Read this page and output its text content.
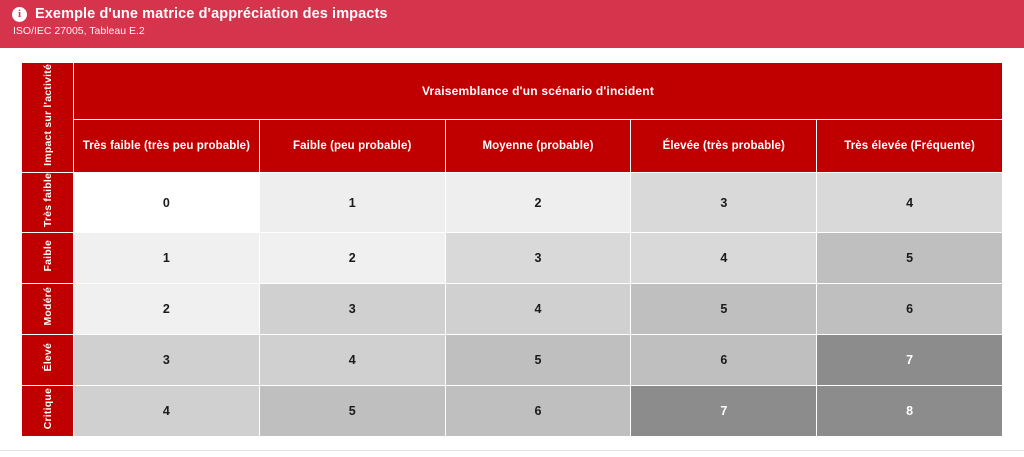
i Exemple d'une matrice d'appréciation des impacts
ISO/IEC 27005, Tableau E.2
Impact sur l'activité	Vraisemblance d'un scénario d'incident				
	Très faible (très peu probable)	Faible (peu probable)	Moyenne (probable)	Élevée (très probable)	Très élevée (Fréquente)
Très faible	0	1	2	3	4
Faible	1	2	3	4	5
Modéré	2	3	4	5	6
Élevé	3	4	5	6	7
Critique	4	5	6	7	8
